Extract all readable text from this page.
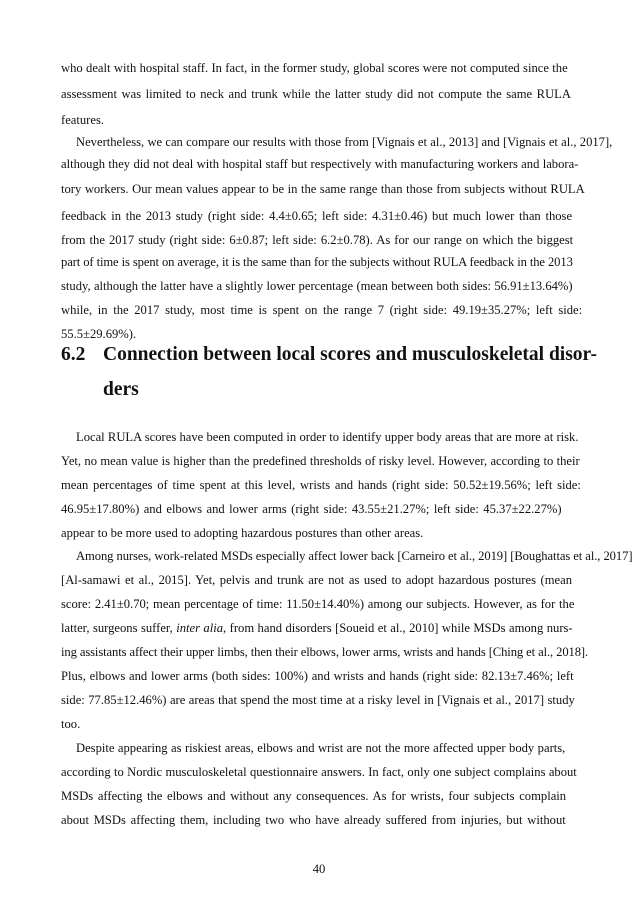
who dealt with hospital staff. In fact, in the former study, global scores were not computed since the

assessment was limited to neck and trunk while the latter study did not compute the same RULA

features.

Nevertheless, we can compare our results with those from [Vignais et al., 2013] and [Vignais et al., 2017],

although they did not deal with hospital staff but respectively with manufacturing workers and labora-

tory workers. Our mean values appear to be in the same range than those from subjects without RULA

feedback in the 2013 study (right side: 4.4±0.65; left side: 4.31±0.46) but much lower than those

from the 2017 study (right side: 6±0.87; left side: 6.2±0.78). As for our range on which the biggest

part of time is spent on average, it is the same than for the subjects without RULA feedback in the 2013

study, although the latter have a slightly lower percentage (mean between both sides: 56.91±13.64%)

while, in the 2017 study, most time is spent on the range 7 (right side: 49.19±35.27%; left side:

55.5±29.69%).

6.2 Connection between local scores and musculoskeletal disor-

ders

Local RULA scores have been computed in order to identify upper body areas that are more at risk.

Yet, no mean value is higher than the predefined thresholds of risky level. However, according to their

mean percentages of time spent at this level, wrists and hands (right side: 50.52±19.56%; left side:

46.95±17.80%) and elbows and lower arms (right side: 43.55±21.27%; left side: 45.37±22.27%)

appear to be more used to adopting hazardous postures than other areas.

Among nurses, work-related MSDs especially affect lower back [Carneiro et al., 2019] [Boughattas et al., 2017]

[Al-samawi et al., 2015]. Yet, pelvis and trunk are not as used to adopt hazardous postures (mean

score: 2.41±0.70; mean percentage of time: 11.50±14.40%) among our subjects. However, as for the

latter, surgeons suffer, inter alia, from hand disorders [Soueid et al., 2010] while MSDs among nurs-

ing assistants affect their upper limbs, then their elbows, lower arms, wrists and hands [Ching et al., 2018].

Plus, elbows and lower arms (both sides: 100%) and wrists and hands (right side: 82.13±7.46%; left

side: 77.85±12.46%) are areas that spend the most time at a risky level in [Vignais et al., 2017] study

too.

Despite appearing as riskiest areas, elbows and wrist are not the more affected upper body parts,

according to Nordic musculoskeletal questionnaire answers. In fact, only one subject complains about

MSDs affecting the elbows and without any consequences. As for wrists, four subjects complain

about MSDs affecting them, including two who have already suffered from injuries, but without

40
